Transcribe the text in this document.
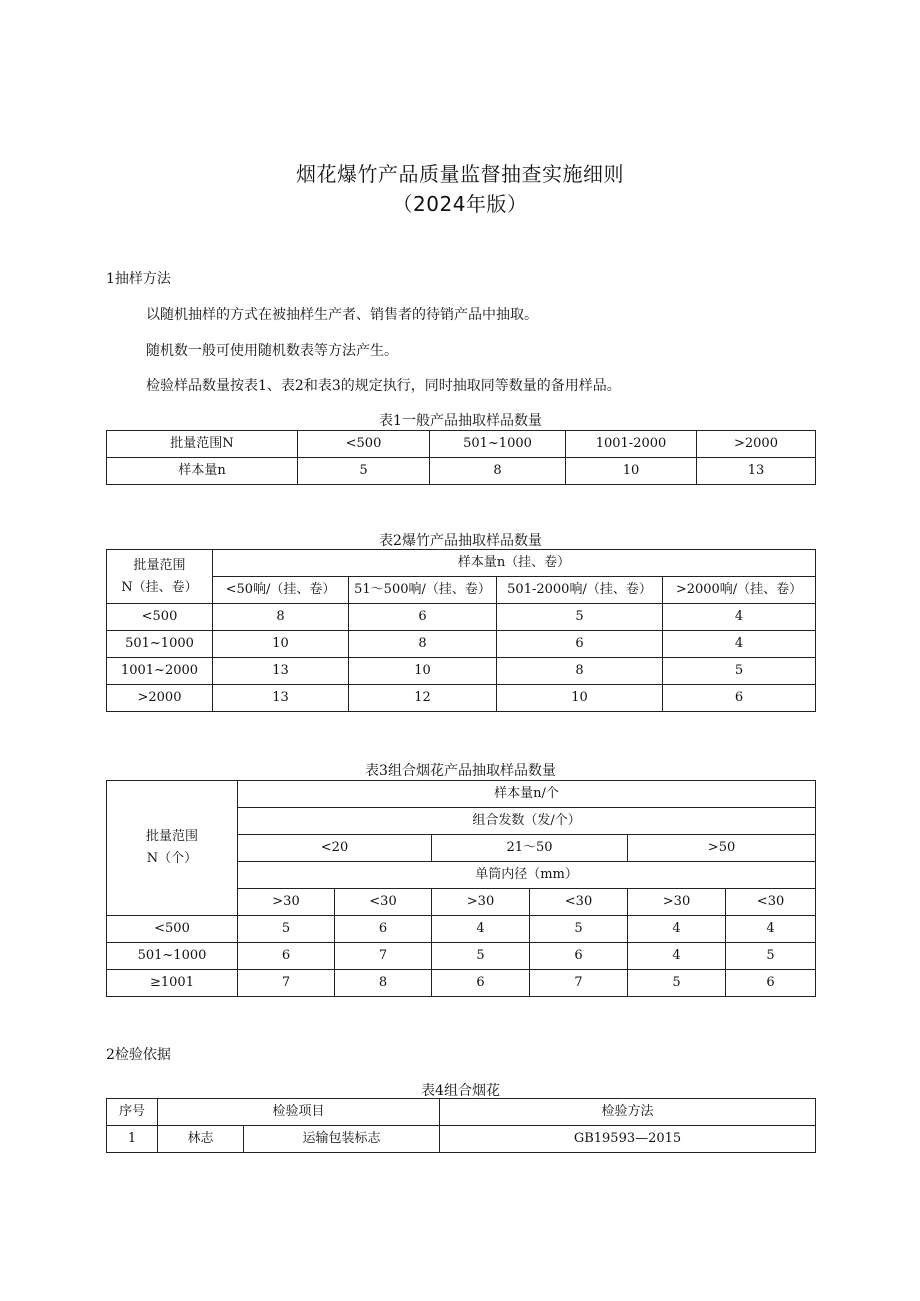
烟花爆竹产品质量监督抽查实施细则
（2024年版）
1抽样方法
以随机抽样的方式在被抽样生产者、销售者的待销产品中抽取。
随机数一般可使用随机数表等方法产生。
检验样品数量按表1、表2和表3的规定执行，同时抽取同等数量的备用样品。
表1一般产品抽取样品数量
批量范围N	<500	501~1000	1001-2000	>2000
样本量n	5	8	10	13
表2爆竹产品抽取样品数量
批量范围
N（挂、卷）	样本量n（挂、卷）			
	<50响/（挂、卷）	51～500响/（挂、卷）	501-2000响/（挂、卷）	>2000响/（挂、卷）
<500	8	6	5	4
501~1000	10	8	6	4
1001~2000	13	10	8	5
>2000	13	12	10	6
表3组合烟花产品抽取样品数量
批量范围
N（个）	样本量n/个					
	组合发数（发/个）					
	<20		21～50		>50	
	单筒内径（mm）					
	>30	<30	>30	<30	>30	<30
<500	5	6	4	5	4	4
501~1000	6	7	5	6	4	5
≥1001	7	8	6	7	5	6
2检验依据
表4组合烟花
序号	检验项目		检验方法
1	林志	运输包装标志	GB19593—2015
